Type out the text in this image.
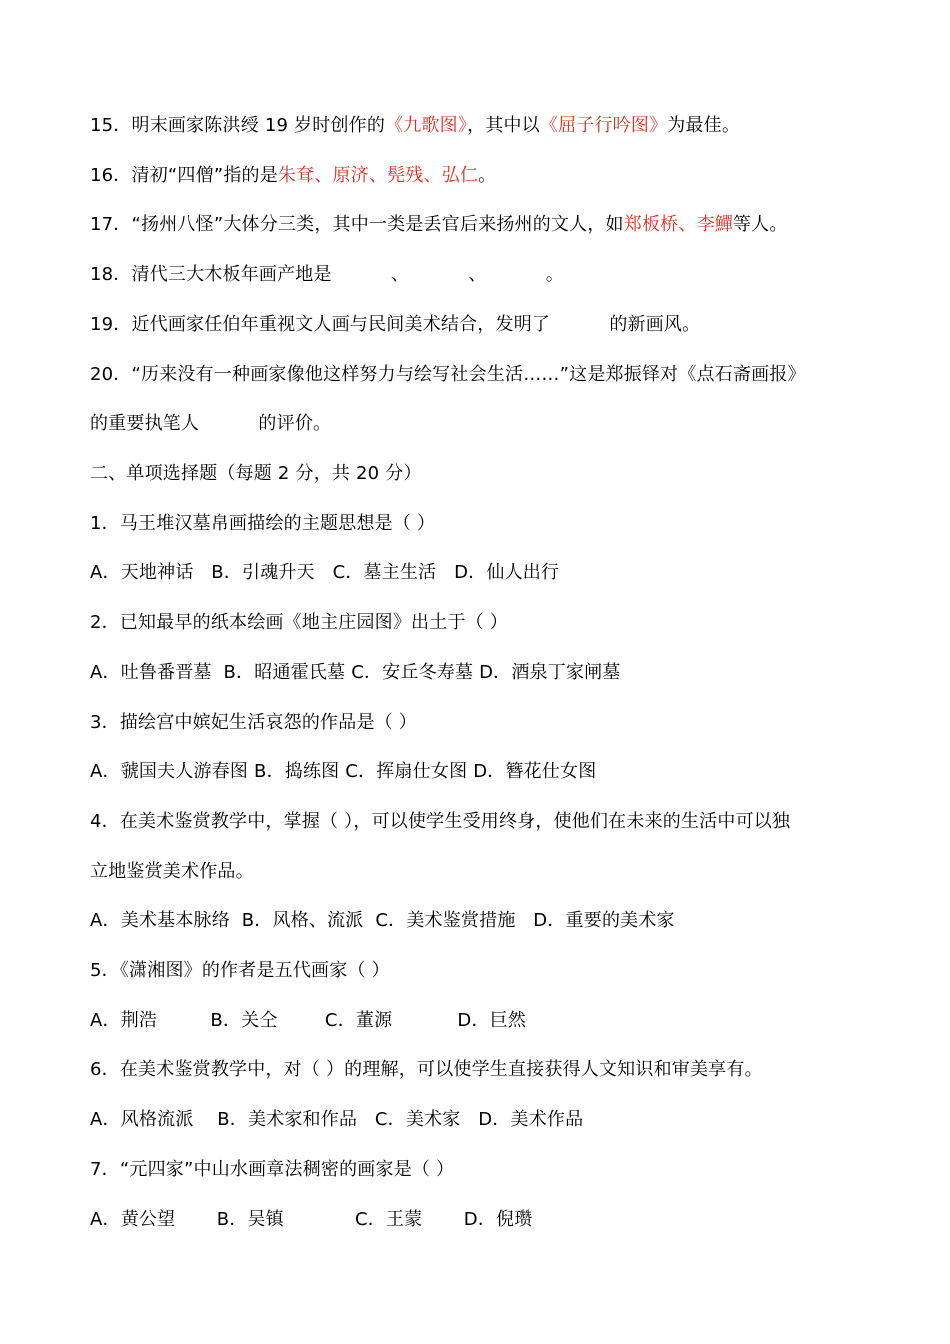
15．明末画家陈洪绶 19 岁时创作的《九歌图》，其中以《屈子行吟图》为最佳。
16．清初“四僧”指的是朱耷、原济、髡残、弘仁。
17．“扬州八怪”大体分三类，其中一类是丢官后来扬州的文人，如郑板桥、李鱓等人。
18．清代三大木板年画产地是          、          、          。
19．近代画家任伯年重视文人画与民间美术结合，发明了          的新画风。
20．“历来没有一种画家像他这样努力与绘写社会生活……”这是郑振铎对《点石斋画报》
的重要执笔人          的评价。
二、单项选择题（每题 2 分，共 20 分）
1．马王堆汉墓帛画描绘的主题思想是（ ）
A．天地神话   B．引魂升天   C．墓主生活   D．仙人出行
2．已知最早的纸本绘画《地主庄园图》出土于（ ）
A．吐鲁番晋墓  B．昭通霍氏墓 C．安丘冬寿墓 D．酒泉丁家闸墓
3．描绘宫中嫔妃生活哀怨的作品是（ ）
A．虢国夫人游春图 B．捣练图 C．挥扇仕女图 D．簪花仕女图
4．在美术鉴赏教学中，掌握（ ），可以使学生受用终身，使他们在未来的生活中可以独
立地鉴赏美术作品。
A．美术基本脉络  B．风格、流派  C．美术鉴赏措施   D．重要的美术家
5．《潇湘图》的作者是五代画家（ ）
A．荆浩         B．关仝        C．董源           D．巨然
6．在美术鉴赏教学中，对（ ）的理解，可以使学生直接获得人文知识和审美享有。
A．风格流派    B．美术家和作品   C．美术家   D．美术作品
7．“元四家”中山水画章法稠密的画家是（ ）
A．黄公望       B．吴镇            C．王蒙       D．倪瓒
